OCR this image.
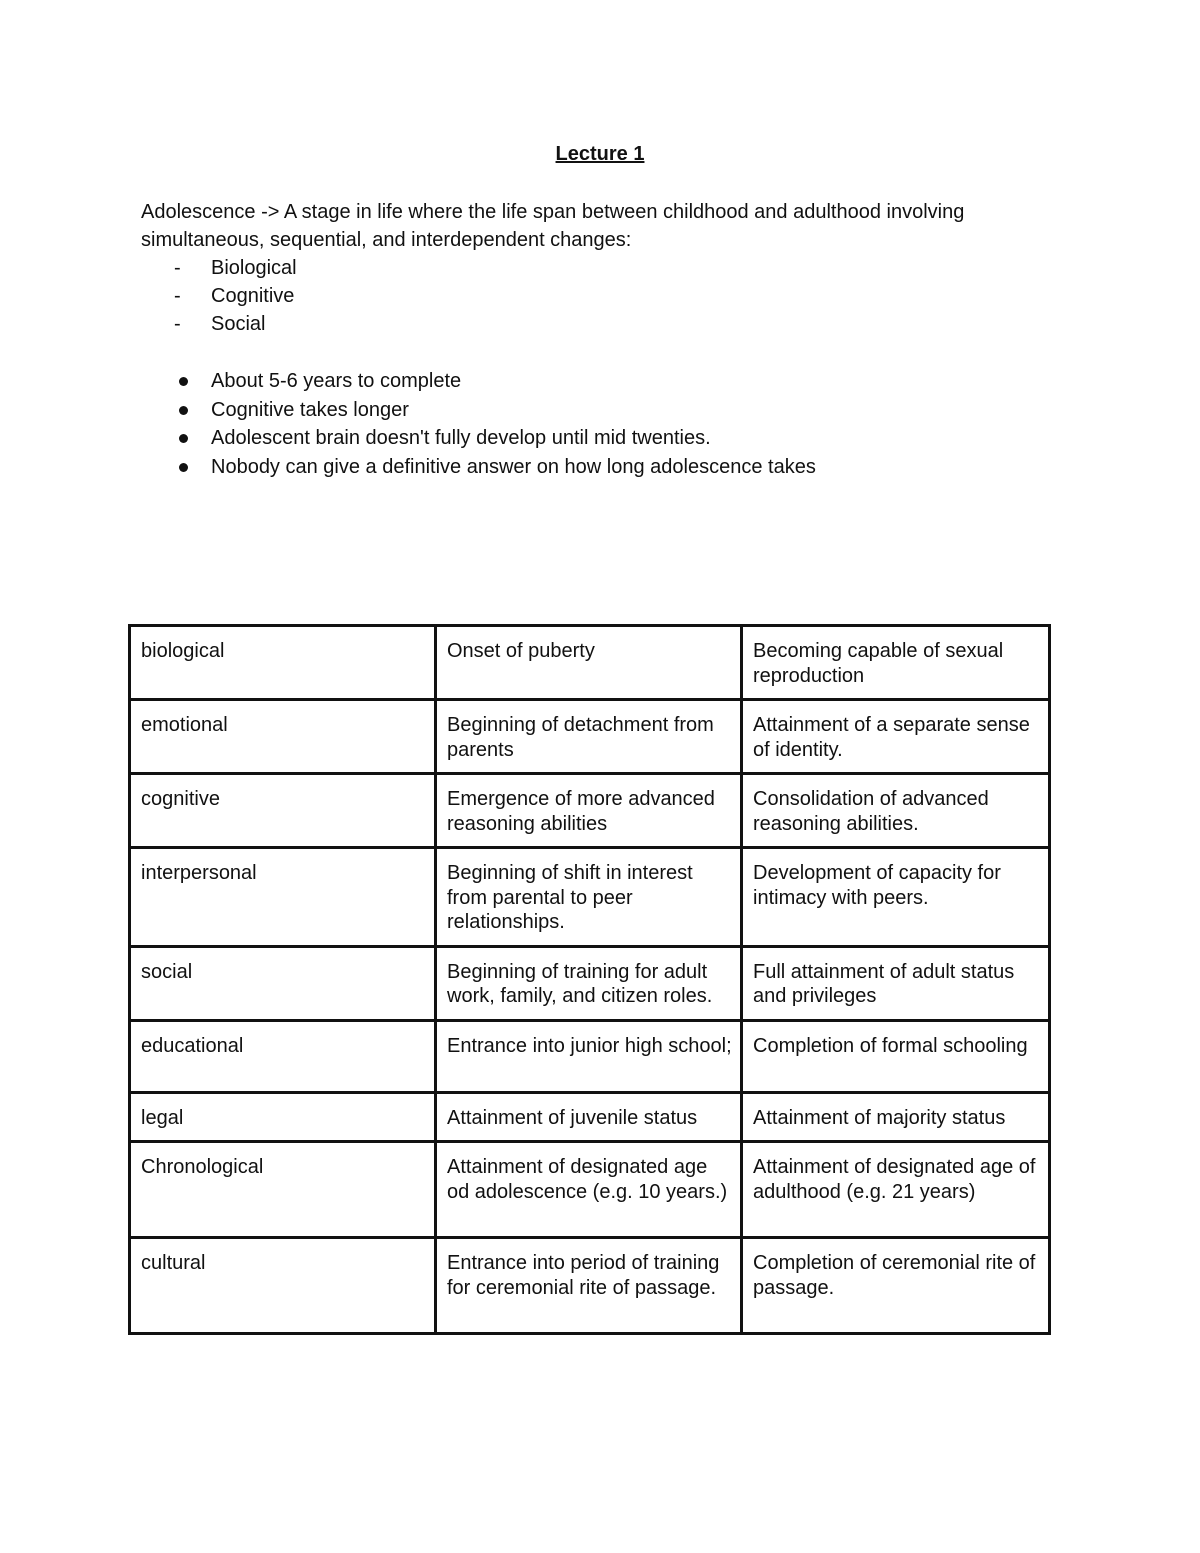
Lecture 1

Adolescence -> A stage in life where the life span between childhood and adulthood involving simultaneous, sequential, and interdependent changes:

- Biological
- Cognitive
- Social
About 5-6 years to complete
Cognitive takes longer
Adolescent brain doesn't fully develop until mid twenties.
Nobody can give a definitive answer on how long adolescence takes
biological	Onset of puberty	Becoming capable of sexual reproduction
emotional	Beginning of detachment from parents	Attainment of a separate sense of identity.
cognitive	Emergence of more advanced reasoning abilities	Consolidation of advanced reasoning abilities.
interpersonal	Beginning of shift in interest from parental to peer relationships.	Development of capacity for intimacy with peers.
social	Beginning of training for adult work, family, and citizen roles.	Full attainment of adult status and privileges
educational	Entrance into junior high school;	Completion of formal schooling
legal	Attainment of juvenile status	Attainment of majority status
Chronological	Attainment of designated age od adolescence (e.g. 10 years.)	Attainment of designated age of adulthood (e.g. 21 years)
cultural	Entrance into period of training for ceremonial rite of passage.	Completion of ceremonial rite of passage.
